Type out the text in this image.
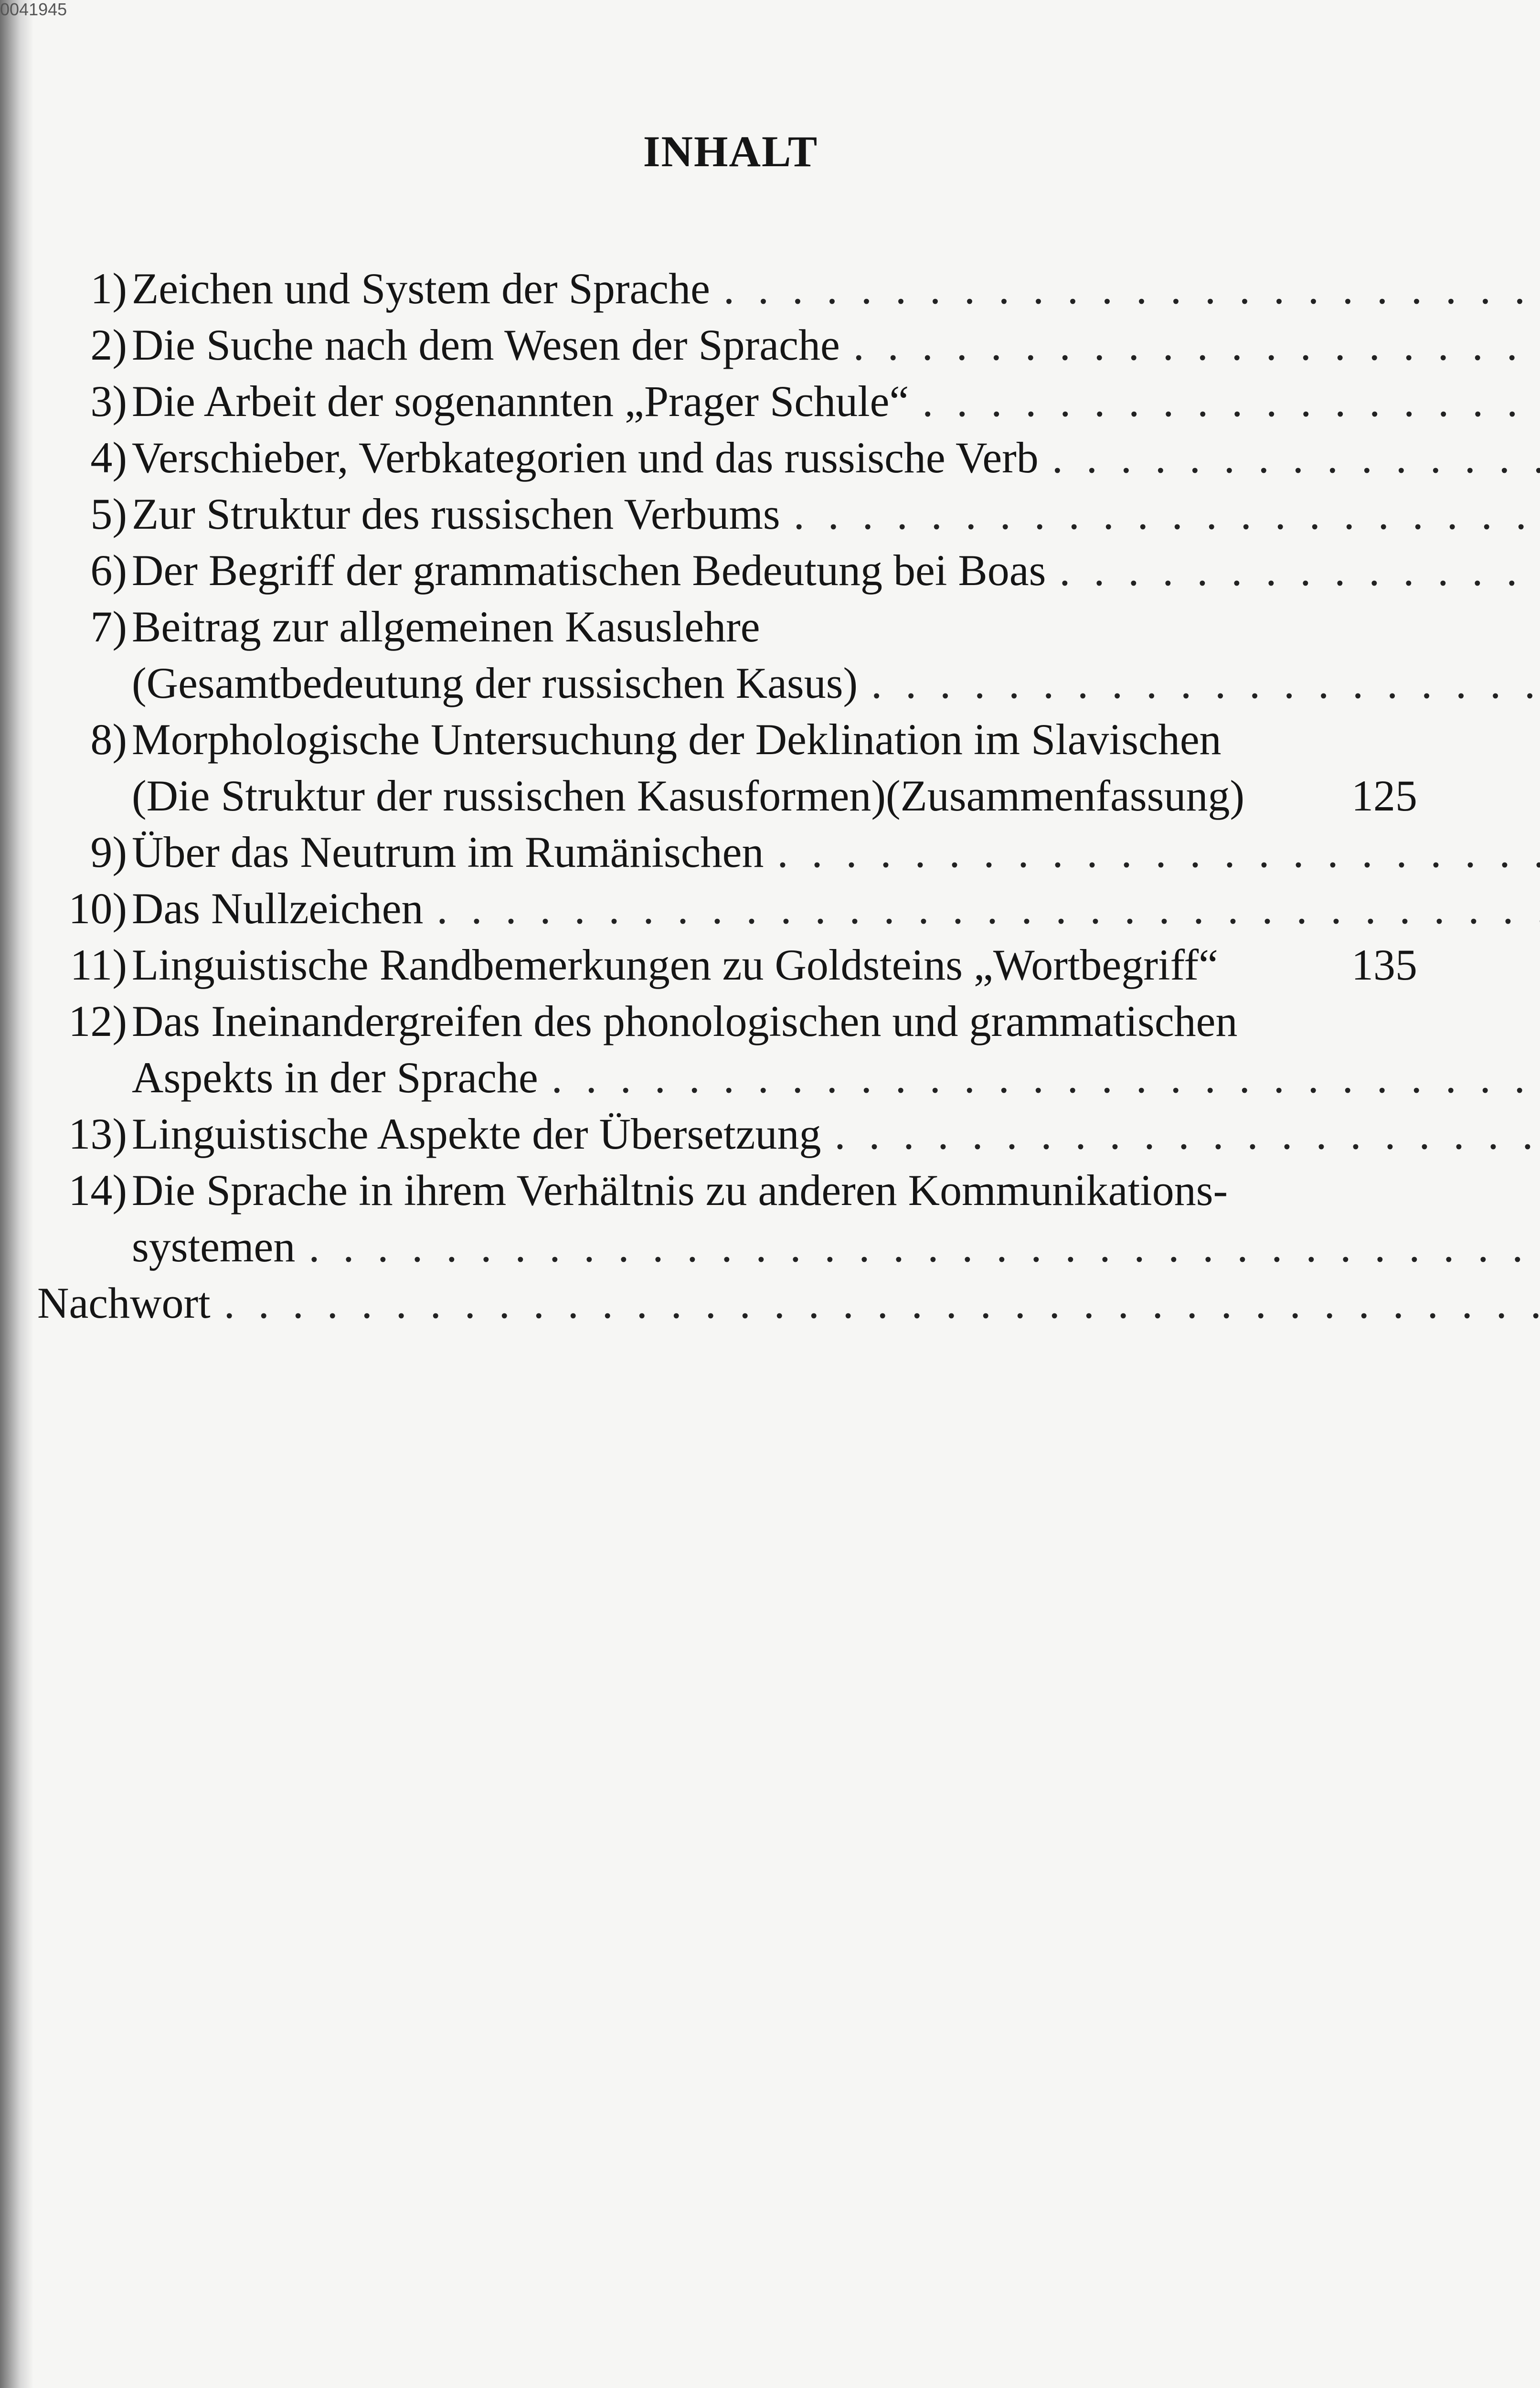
0041945
INHALT
1) Zeichen und System der Sprache
. . .
2) Die Suche nach dem Wesen der Sprache
. . .
3) Die Arbeit der sogenannten „Prager Schule“
. . .
4) Verschieber, Verbkategorien und das russische Verb
. . .
5) Zur Struktur des russischen Verbums
. . .
6) Der Begriff der grammatischen Bedeutung bei Boas
. . .
7) Beitrag zur allgemeinen Kasuslehre
(Gesamtbedeutung der russischen Kasus)
. . .
8) Morphologische Untersuchung der Deklination im Slavischen
(Die Struktur der russischen Kasusformen)(Zusammenfassung) 125
9) Über das Neutrum im Rumänischen
. . .
10) Das Nullzeichen
. . .
11) Linguistische Randbemerkungen zu Goldsteins „Wortbegriff“	135
12) Das Ineinandergreifen des phonologischen und grammatischen
Aspekts in der Sprache
. . .
13) Linguistische Aspekte der Übersetzung
. . .
14) Die Sprache in ihrem Verhältnis zu anderen Kommunikations-
systemen
. . .
Nachwort
. . .
